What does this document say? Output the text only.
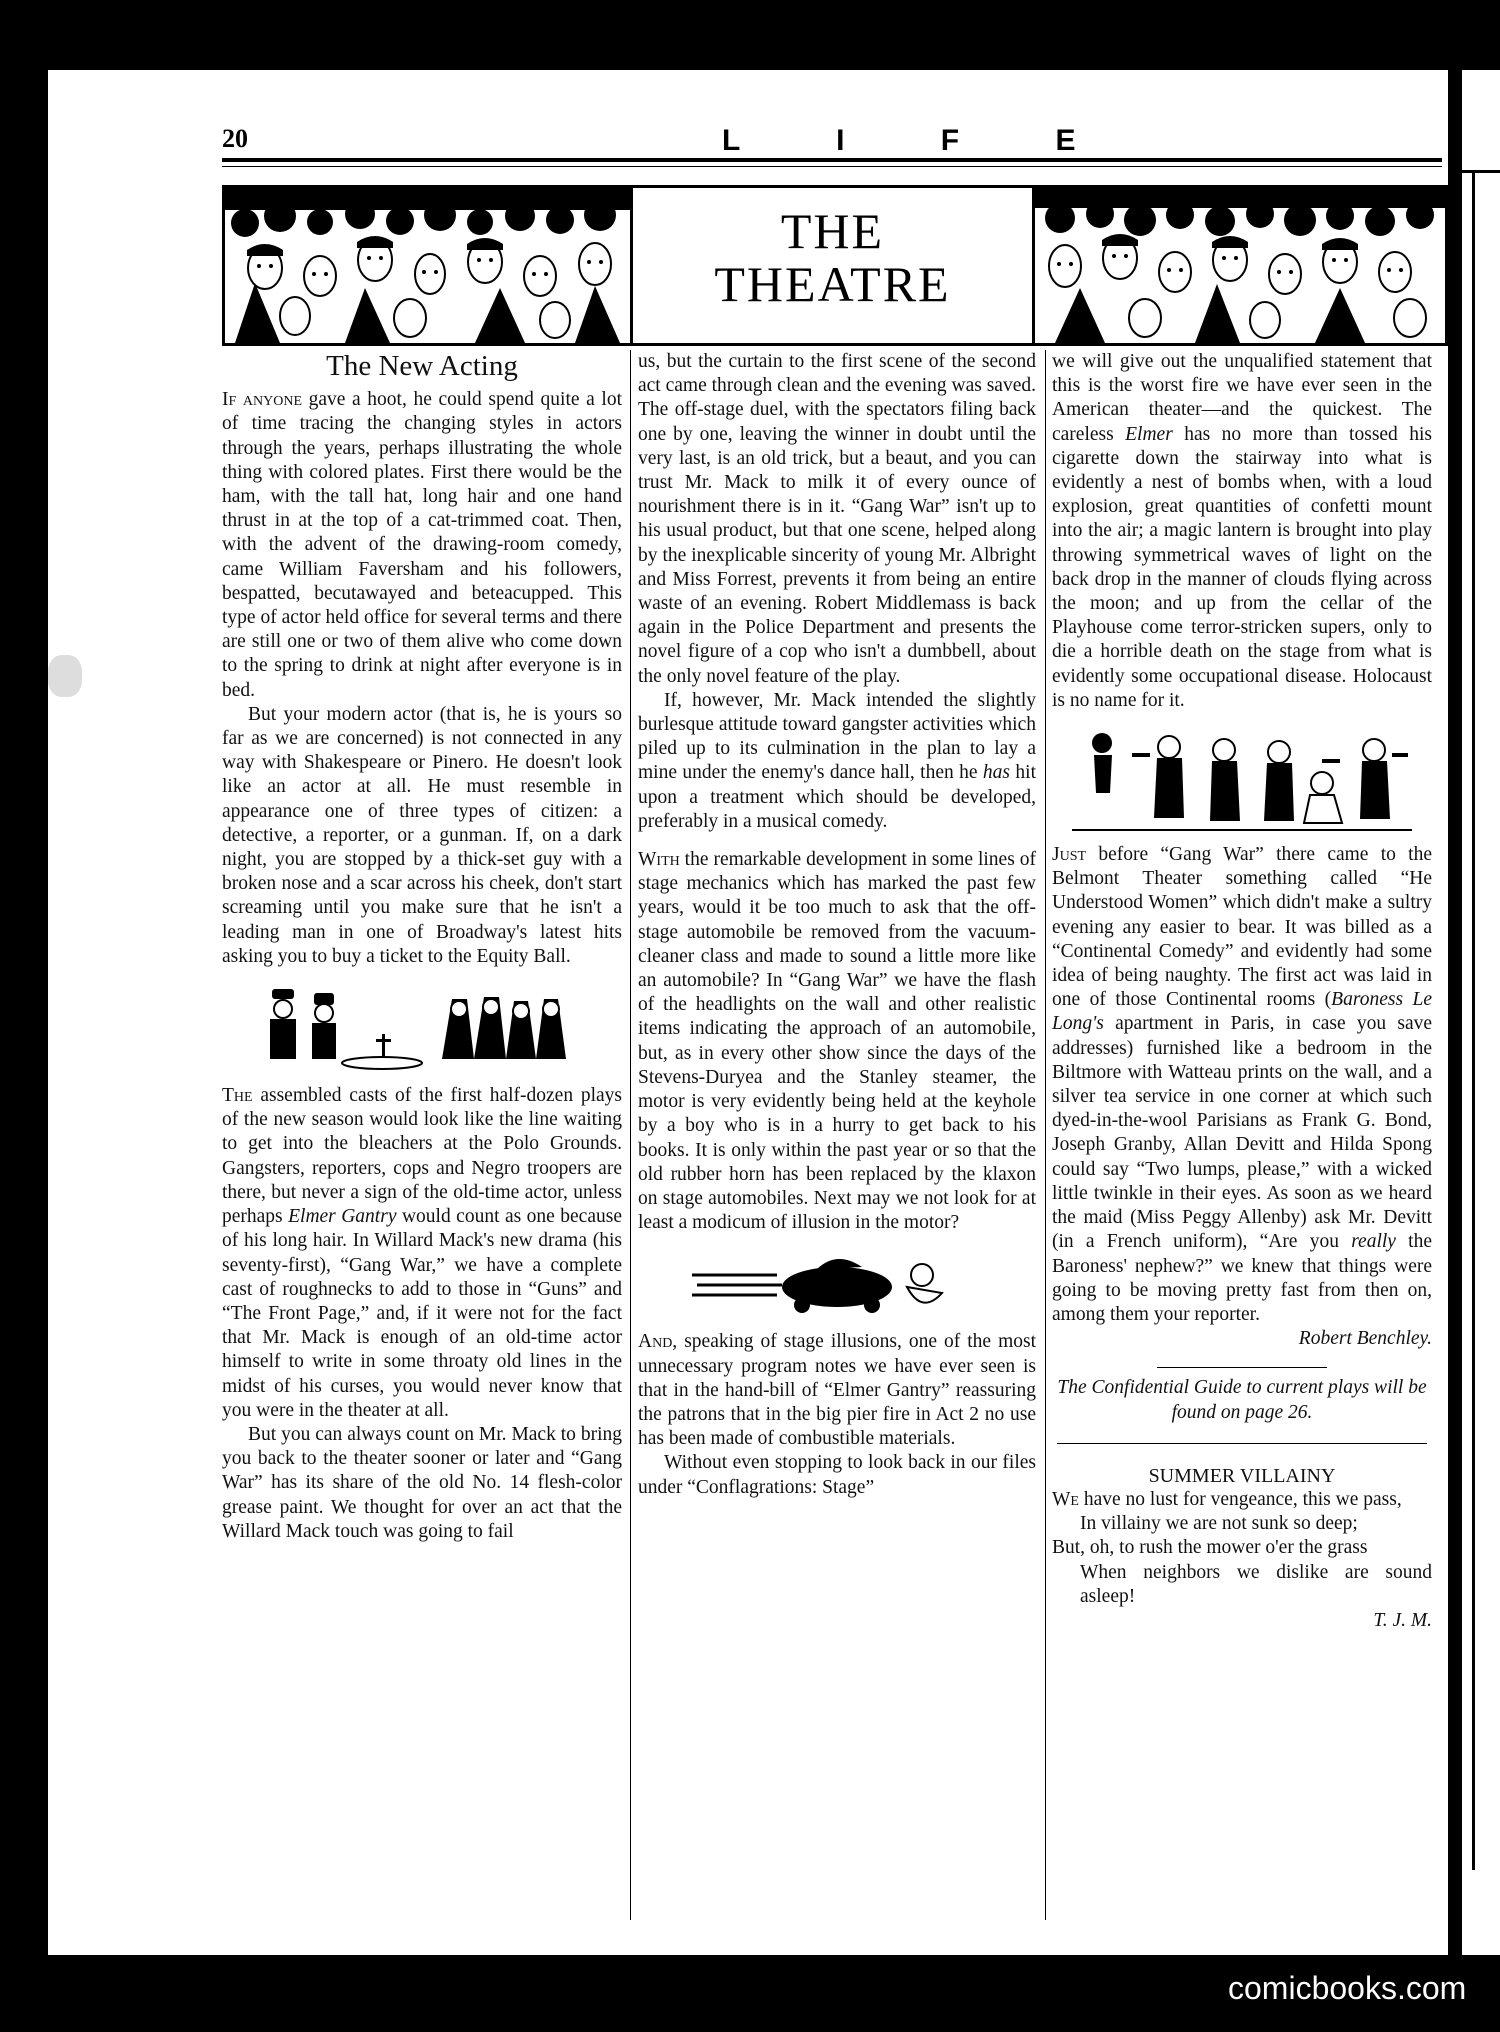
20	L I F E
THE
THEATRE
The New Acting

If anyone gave a hoot, he could spend quite a lot of time tracing the changing styles in actors through the years, perhaps illustrating the whole thing with colored plates. First there would be the ham, with the tall hat, long hair and one hand thrust in at the top of a cat-trimmed coat. Then, with the advent of the drawing-room comedy, came William Faversham and his followers, bespatted, becutawayed and beteacupped. This type of actor held office for several terms and there are still one or two of them alive who come down to the spring to drink at night after everyone is in bed.

But your modern actor (that is, he is yours so far as we are concerned) is not connected in any way with Shakespeare or Pinero. He doesn't look like an actor at all. He must resemble in appearance one of three types of citizen: a detective, a reporter, or a gunman. If, on a dark night, you are stopped by a thick-set guy with a broken nose and a scar across his cheek, don't start screaming until you make sure that he isn't a leading man in one of Broadway's latest hits asking you to buy a ticket to the Equity Ball.

The assembled casts of the first half-dozen plays of the new season would look like the line waiting to get into the bleachers at the Polo Grounds. Gangsters, reporters, cops and Negro troopers are there, but never a sign of the old-time actor, unless perhaps Elmer Gantry would count as one because of his long hair. In Willard Mack's new drama (his seventy-first), “Gang War,” we have a complete cast of roughnecks to add to those in “Guns” and “The Front Page,” and, if it were not for the fact that Mr. Mack is enough of an old-time actor himself to write in some throaty old lines in the midst of his curses, you would never know that you were in the theater at all.

But you can always count on Mr. Mack to bring you back to the theater sooner or later and “Gang War” has its share of the old No. 14 flesh-color grease paint. We thought for over an act that the Willard Mack touch was going to fail

us, but the curtain to the first scene of the second act came through clean and the evening was saved. The off-stage duel, with the spectators filing back one by one, leaving the winner in doubt until the very last, is an old trick, but a beaut, and you can trust Mr. Mack to milk it of every ounce of nourishment there is in it. “Gang War” isn't up to his usual product, but that one scene, helped along by the inexplicable sincerity of young Mr. Albright and Miss Forrest, prevents it from being an entire waste of an evening. Robert Middlemass is back again in the Police Department and presents the novel figure of a cop who isn't a dumbbell, about the only novel feature of the play.

If, however, Mr. Mack intended the slightly burlesque attitude toward gangster activities which piled up to its culmination in the plan to lay a mine under the enemy's dance hall, then he has hit upon a treatment which should be developed, preferably in a musical comedy.

With the remarkable development in some lines of stage mechanics which has marked the past few years, would it be too much to ask that the off-stage automobile be removed from the vacuum-cleaner class and made to sound a little more like an automobile? In “Gang War” we have the flash of the headlights on the wall and other realistic items indicating the approach of an automobile, but, as in every other show since the days of the Stevens-Duryea and the Stanley steamer, the motor is very evidently being held at the keyhole by a boy who is in a hurry to get back to his books. It is only within the past year or so that the old rubber horn has been replaced by the klaxon on stage automobiles. Next may we not look for at least a modicum of illusion in the motor?

And, speaking of stage illusions, one of the most unnecessary program notes we have ever seen is that in the hand-bill of “Elmer Gantry” reassuring the patrons that in the big pier fire in Act 2 no use has been made of combustible materials.

Without even stopping to look back in our files under “Conflagrations: Stage”

we will give out the unqualified statement that this is the worst fire we have ever seen in the American theater—and the quickest. The careless Elmer has no more than tossed his cigarette down the stairway into what is evidently a nest of bombs when, with a loud explosion, great quantities of confetti mount into the air; a magic lantern is brought into play throwing symmetrical waves of light on the back drop in the manner of clouds flying across the moon; and up from the cellar of the Playhouse come terror-stricken supers, only to die a horrible death on the stage from what is evidently some occupational disease. Holocaust is no name for it.

Just before “Gang War” there came to the Belmont Theater something called “He Understood Women” which didn't make a sultry evening any easier to bear. It was billed as a “Continental Comedy” and evidently had some idea of being naughty. The first act was laid in one of those Continental rooms (Baroness Le Long's apartment in Paris, in case you save addresses) furnished like a bedroom in the Biltmore with Watteau prints on the wall, and a silver tea service in one corner at which such dyed-in-the-wool Parisians as Frank G. Bond, Joseph Granby, Allan Devitt and Hilda Spong could say “Two lumps, please,” with a wicked little twinkle in their eyes. As soon as we heard the maid (Miss Peggy Allenby) ask Mr. Devitt (in a French uniform), “Are you really the Baroness' nephew?” we knew that things were going to be moving pretty fast from then on, among them your reporter.

Robert Benchley.

The Confidential Guide to current plays will be found on page 26.

SUMMER VILLAINY

We have no lust for vengeance, this we pass,

In villainy we are not sunk so deep;

But, oh, to rush the mower o'er the grass

When neighbors we dislike are sound asleep!

T. J. M.

comicbooks.com
